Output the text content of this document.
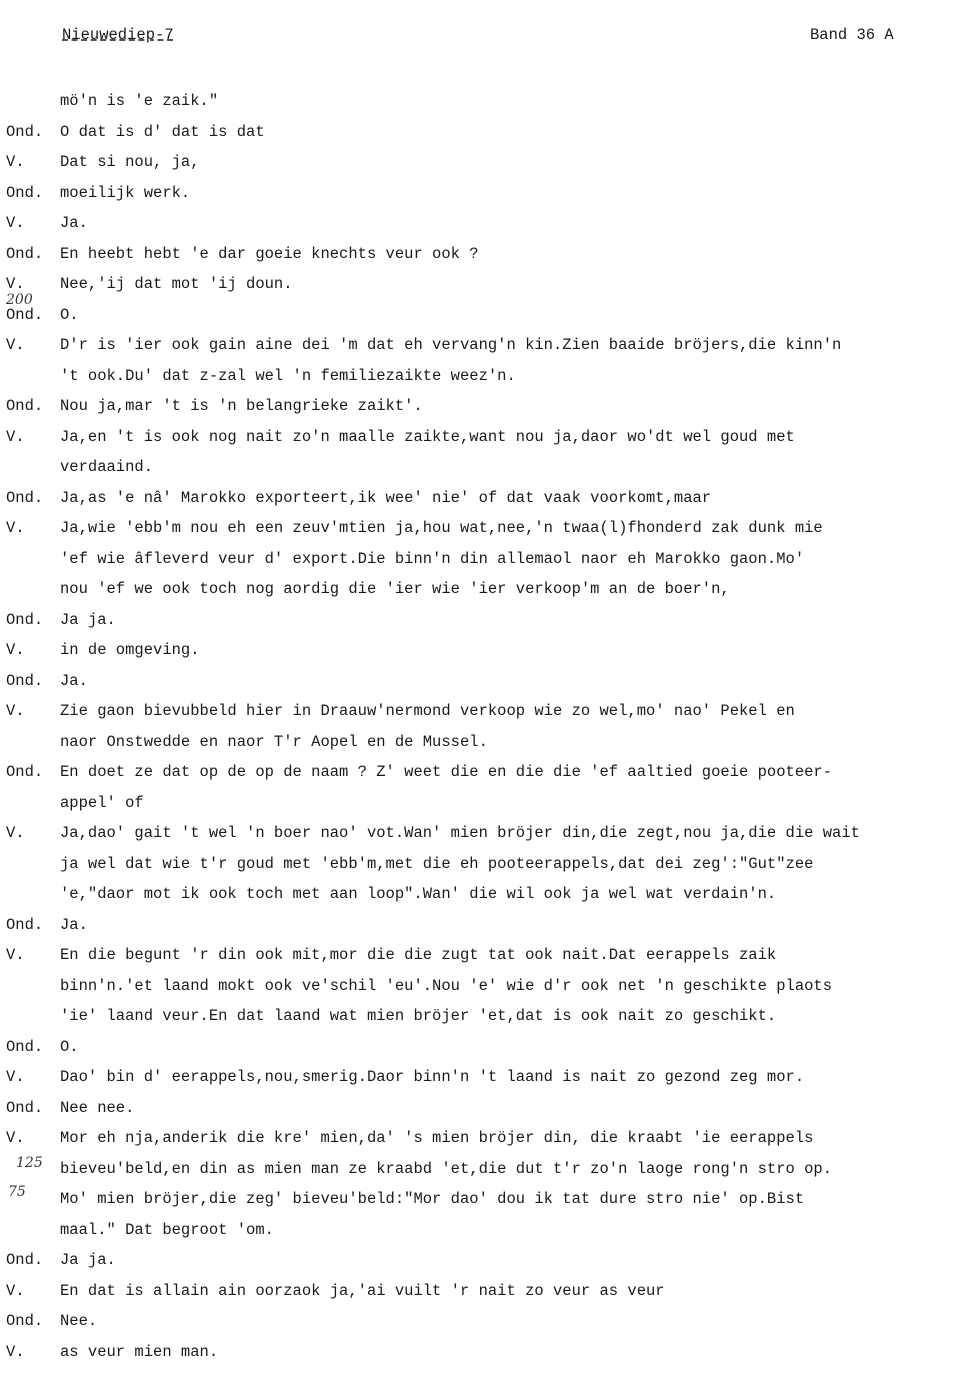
Nieuwediep-7	Band 36 A
200
125
75
mö'n is 'e zaik."
Ond.	O dat is d' dat is dat
V.	Dat si nou, ja,
Ond.	moeilijk werk.
V.	Ja.
Ond.	En heebt hebt 'e dar goeie knechts veur ook ?
V.	Nee,'ij dat mot 'ij doun.
Ond.	O.
V.	D'r is 'ier ook gain aine dei 'm dat eh vervang'n kin.Zien baaide bröjers,die kinn'n
't ook.Du' dat z-zal wel 'n femiliezaikte weez'n.
Ond.	Nou ja,mar 't is 'n belangrieke zaikt'.
V.	Ja,en 't is ook nog nait zo'n maalle zaikte,want nou ja,daor wo'dt wel goud met
verdaaind.
Ond.	Ja,as 'e nâ' Marokko exporteert,ik wee' nie' of dat vaak voorkomt,maar
V.	Ja,wie 'ebb'm nou eh een zeuv'mtien ja,hou wat,nee,'n twaa(l)fhonderd zak dunk mie
'ef wie âfleverd veur d' export.Die binn'n din allemaol naor eh Marokko gaon.Mo'
nou 'ef we ook toch nog aordig die 'ier wie 'ier verkoop'm an de boer'n,
Ond.	Ja ja.
V.	in de omgeving.
Ond.	Ja.
V.	Zie gaon bievubbeld hier in Draauw'nermond verkoop wie zo wel,mo' nao' Pekel en
naor Onstwedde en naor T'r Aopel en de Mussel.
Ond.	En doet ze dat op de op de naam ? Z' weet die en die die 'ef aaltied goeie pooteer-
appel' of
V.	Ja,dao' gait 't wel 'n boer nao' vot.Wan' mien bröjer din,die zegt,nou ja,die die wait
ja wel dat wie t'r goud met 'ebb'm,met die eh pooteerappels,dat dei zeg':"Gut"zee
'e,"daor mot ik ook toch met aan loop".Wan' die wil ook ja wel wat verdain'n.
Ond.	Ja.
V.	En die begunt 'r din ook mit,mor die die zugt tat ook nait.Dat eerappels zaik
binn'n.'et laand mokt ook ve'schil 'eu'.Nou 'e' wie d'r ook net 'n geschikte plaots
'ie' laand veur.En dat laand wat mien bröjer 'et,dat is ook nait zo geschikt.
Ond.	O.
V.	Dao' bin d' eerappels,nou,smerig.Daor binn'n 't laand is nait zo gezond zeg mor.
Ond.	Nee nee.
V.	Mor eh nja,anderik die kre' mien,da' 's mien bröjer din, die kraabt 'ie eerappels
bieveu'beld,en din as mien man ze kraabd 'et,die dut t'r zo'n laoge rong'n stro op.
Mo' mien bröjer,die zeg' bieveu'beld:"Mor dao' dou ik tat dure stro nie' op.Bist
maal." Dat begroot 'om.
Ond.	Ja ja.
V.	En dat is allain ain oorzaok ja,'ai vuilt 'r nait zo veur as veur
Ond.	Nee.
V.	as veur mien man.
